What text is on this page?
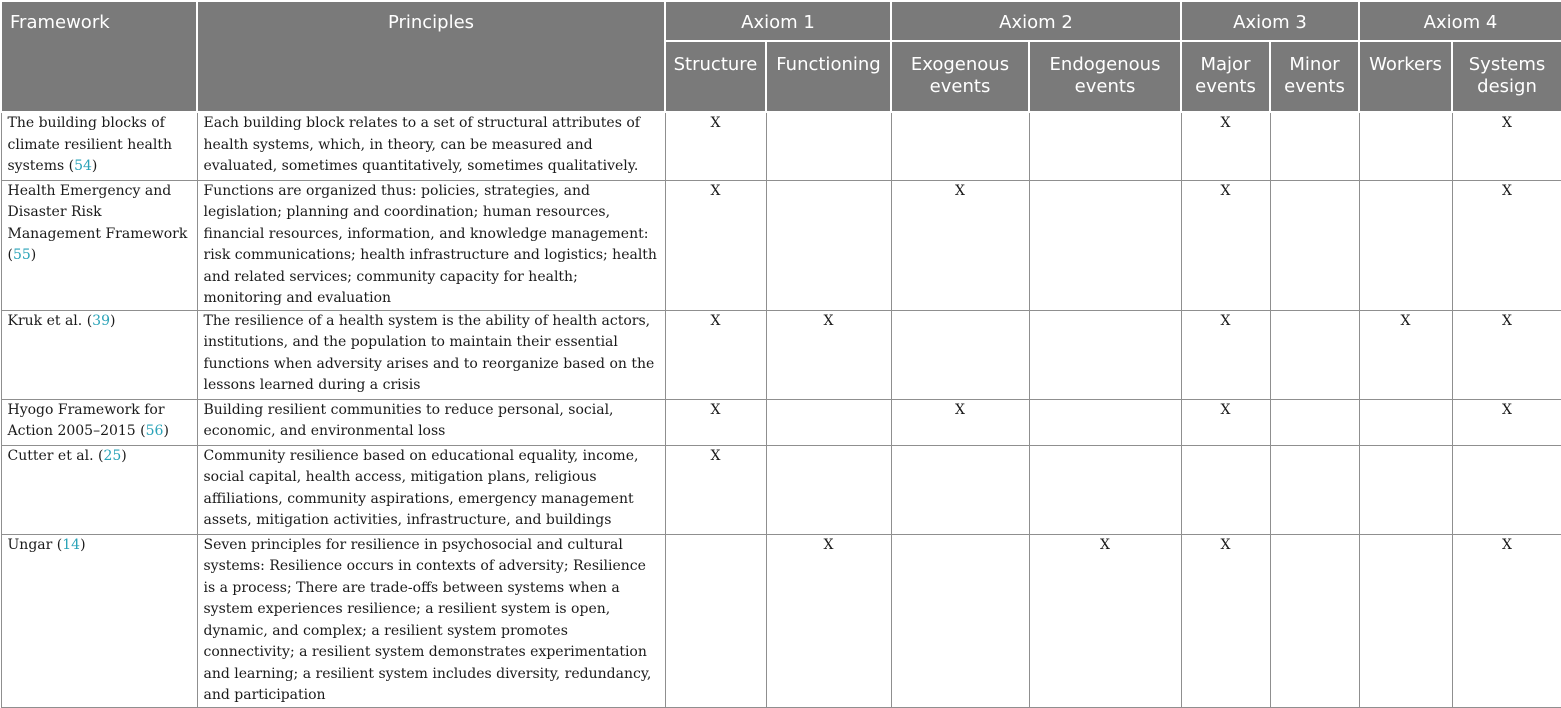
Framework	Principles	Axiom 1		Axiom 2		Axiom 3		Axiom 4	
		Structure	Functioning	Exogenous events	Endogenous events	Major events	Minor events	Workers	Systems design
The building blocks of climate resilient health systems (54)	Each building block relates to a set of structural attributes of health systems, which, in theory, can be measured and evaluated, sometimes quantitatively, sometimes qualitatively.	X				X			X
Health Emergency and Disaster Risk Management Framework (55)	Functions are organized thus: policies, strategies, and legislation; planning and coordination; human resources, financial resources, information, and knowledge management: risk communications; health infrastructure and logistics; health and related services; community capacity for health; monitoring and evaluation	X		X		X			X
Kruk et al. (39)	The resilience of a health system is the ability of health actors, institutions, and the population to maintain their essential functions when adversity arises and to reorganize based on the lessons learned during a crisis	X	X			X		X	X
Hyogo Framework for Action 2005–2015 (56)	Building resilient communities to reduce personal, social, economic, and environmental loss	X		X		X			X
Cutter et al. (25)	Community resilience based on educational equality, income, social capital, health access, mitigation plans, religious affiliations, community aspirations, emergency management assets, mitigation activities, infrastructure, and buildings	X							
Ungar (14)	Seven principles for resilience in psychosocial and cultural systems: Resilience occurs in contexts of adversity; Resilience is a process; There are trade-offs between systems when a system experiences resilience; a resilient system is open, dynamic, and complex; a resilient system promotes connectivity; a resilient system demonstrates experimentation and learning; a resilient system includes diversity, redundancy, and participation		X		X	X			X
